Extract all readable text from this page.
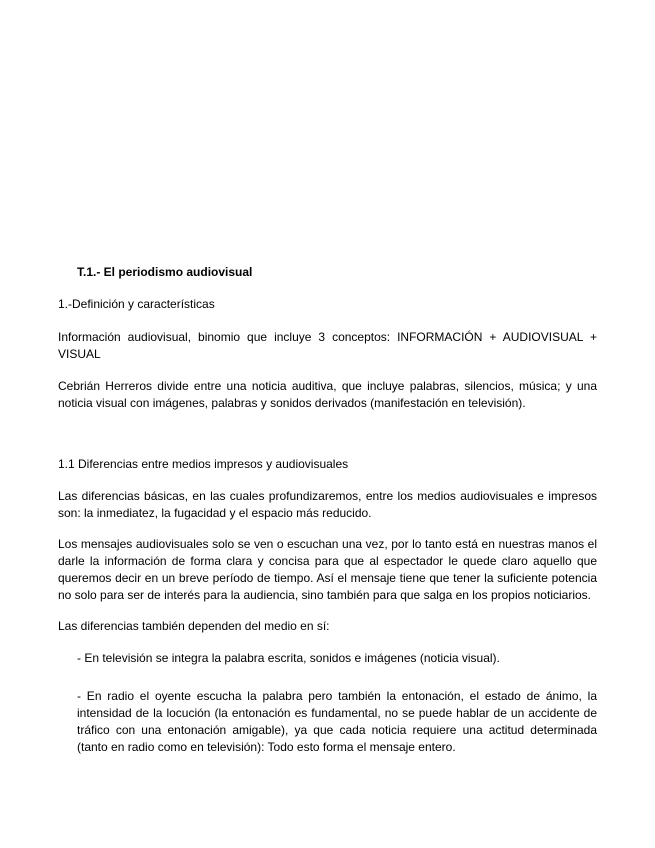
T.1.- El periodismo audiovisual
1.-Definición y características
Información audiovisual, binomio que incluye 3 conceptos: INFORMACIÓN + AUDIOVISUAL + VISUAL
Cebrián Herreros divide entre una noticia auditiva, que incluye palabras, silencios, música; y una noticia visual con imágenes, palabras y sonidos derivados (manifestación en televisión).
1.1 Diferencias entre medios impresos y audiovisuales
Las diferencias básicas, en las cuales profundizaremos, entre los medios audiovisuales e impresos son: la inmediatez, la fugacidad y el espacio más reducido.
Los mensajes audiovisuales solo se ven o escuchan una vez, por lo tanto está en nuestras manos el darle la información de forma clara y concisa para que al espectador le quede claro aquello que queremos decir en un breve período de tiempo. Así el mensaje tiene que tener la suficiente potencia no solo para ser de interés para la audiencia, sino también para que salga en los propios noticiarios.
Las diferencias también dependen del medio en sí:
- En televisión se integra la palabra escrita, sonidos e imágenes (noticia visual).
- En radio el oyente escucha la palabra pero también la entonación, el estado de ánimo, la intensidad de la locución (la entonación es fundamental, no se puede hablar de un accidente de tráfico con una entonación amigable), ya que cada noticia requiere una actitud determinada (tanto en radio como en televisión): Todo esto forma el mensaje entero.
